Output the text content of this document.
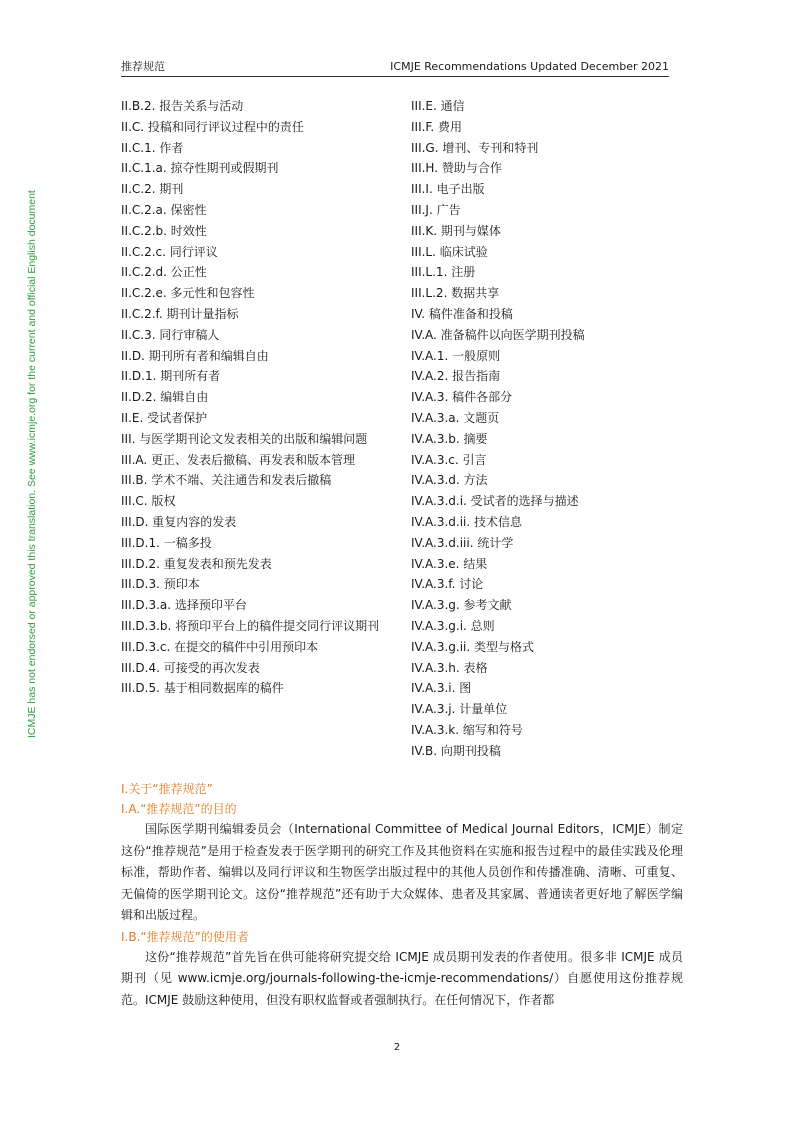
推荐规范	ICMJE Recommendations Updated December 2021
ICMJE has not endorsed or approved this translation. See www.icmje.org for the current and official English document
II.B.2. 报告关系与活动
II.C. 投稿和同行评议过程中的责任
II.C.1. 作者
II.C.1.a. 掠夺性期刊或假期刊
II.C.2. 期刊
II.C.2.a. 保密性
II.C.2.b. 时效性
II.C.2.c. 同行评议
II.C.2.d. 公正性
II.C.2.e. 多元性和包容性
II.C.2.f. 期刊计量指标
II.C.3. 同行审稿人
II.D. 期刊所有者和编辑自由
II.D.1. 期刊所有者
II.D.2. 编辑自由
II.E. 受试者保护
III. 与医学期刊论文发表相关的出版和编辑问题
III.A. 更正、发表后撤稿、再发表和版本管理
III.B. 学术不端、关注通告和发表后撤稿
III.C. 版权
III.D. 重复内容的发表
III.D.1. 一稿多投
III.D.2. 重复发表和预先发表
III.D.3. 预印本
III.D.3.a. 选择预印平台
III.D.3.b. 将预印平台上的稿件提交同行评议期刊
III.D.3.c. 在提交的稿件中引用预印本
III.D.4. 可接受的再次发表
III.D.5. 基于相同数据库的稿件
III.E. 通信
III.F. 费用
III.G. 增刊、专刊和特刊
III.H. 赞助与合作
III.I. 电子出版
III.J. 广告
III.K. 期刊与媒体
III.L. 临床试验
III.L.1. 注册
III.L.2. 数据共享
IV. 稿件准备和投稿
IV.A. 准备稿件以向医学期刊投稿
IV.A.1. 一般原则
IV.A.2. 报告指南
IV.A.3. 稿件各部分
IV.A.3.a. 文题页
IV.A.3.b. 摘要
IV.A.3.c. 引言
IV.A.3.d. 方法
IV.A.3.d.i. 受试者的选择与描述
IV.A.3.d.ii. 技术信息
IV.A.3.d.iii. 统计学
IV.A.3.e. 结果
IV.A.3.f. 讨论
IV.A.3.g. 参考文献
IV.A.3.g.i. 总则
IV.A.3.g.ii. 类型与格式
IV.A.3.h. 表格
IV.A.3.i. 图
IV.A.3.j. 计量单位
IV.A.3.k. 缩写和符号
IV.B. 向期刊投稿

I.关于“推荐规范”

I.A.“推荐规范”的目的

国际医学期刊编辑委员会（International Committee of Medical Journal Editors，ICMJE）制定这份“推荐规范”是用于检查发表于医学期刊的研究工作及其他资料在实施和报告过程中的最佳实践及伦理标准，帮助作者、编辑以及同行评议和生物医学出版过程中的其他人员创作和传播准确、清晰、可重复、无偏倚的医学期刊论文。这份“推荐规范”还有助于大众媒体、患者及其家属、普通读者更好地了解医学编辑和出版过程。

I.B.“推荐规范”的使用者

这份“推荐规范”首先旨在供可能将研究提交给 ICMJE 成员期刊发表的作者使用。很多非 ICMJE 成员期刊（见 www.icmje.org/journals-following-the-icmje-recommendations/）自愿使用这份推荐规范。ICMJE 鼓励这种使用，但没有职权监督或者强制执行。在任何情况下，作者都

2
